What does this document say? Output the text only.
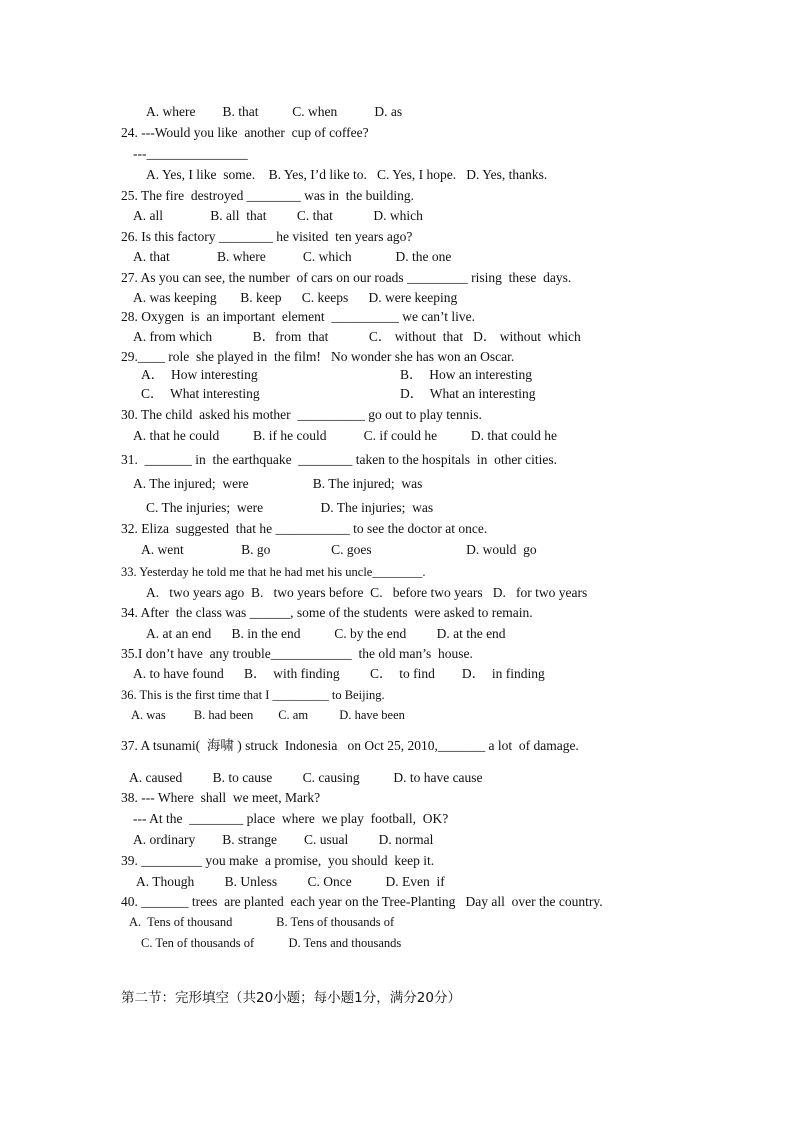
A. where        B. that          C. when           D. as
24. ---Would you like  another  cup of coffee?
---_______________
A. Yes, I like  some.    B. Yes, I’d like to.   C. Yes, I hope.   D. Yes, thanks.
25. The fire  destroyed ________ was in  the building.
A. all              B. all  that         C. that            D. which
26. Is this factory ________ he visited  ten years ago?
A. that              B. where           C. which             D. the one
27. As you can see, the number  of cars on our roads _________ rising  these  days.
A. was keeping       B. keep      C. keeps      D. were keeping
28. Oxygen  is  an important  element  __________ we can’t live.
A. from which            B．from  that            C． without  that   D． without  which
29.____ role  she played in  the film!   No wonder she has won an Oscar.
A．  How interesting	B．  How an interesting
C．  What interesting	D．  What an interesting
30. The child  asked his mother  __________ go out to play tennis.
A. that he could          B. if he could           C. if could he          D. that could he
31.  _______ in  the earthquake  ________ taken to the hospitals  in  other cities.
A. The injured;  were                   B. The injured;  was
C. The injuries;  were                 D. The injuries;  was
32. Eliza  suggested  that he ___________ to see the doctor at once.
A. went                 B. go                  C. goes                            D. would  go
33. Yesterday he told me that he had met his uncle________.
A.   two years ago  B.   two years before  C.   before two years   D.   for two years
34. After  the class was ______, some of the students  were asked to remain.
A. at an end      B. in the end          C. by the end         D. at the end
35.I don’t have  any trouble____________  the old man’s  house.
A. to have found      B．  with finding         C．  to find        D．  in finding
36. This is the first time that I _________ to Beijing.
A. was         B. had been        C. am          D. have been
37. A tsunami(  海啸 ) struck  Indonesia   on Oct 25, 2010,_______ a lot  of damage.
A. caused         B. to cause         C. causing          D. to have cause
38. --- Where  shall  we meet, Mark?
--- At the  ________ place  where  we play  football,  OK?
A. ordinary        B. strange        C. usual         D. normal
39. _________ you make  a promise,  you should  keep it.
A. Though         B. Unless         C. Once          D. Even  if
40. _______ trees  are planted  each year on the Tree-Planting   Day all  over the country.
A.  Tens of thousand              B. Tens of thousands of
C. Ten of thousands of           D. Tens and thousands
第二节：完形填空（共20小题；每小题1分，满分20分）
